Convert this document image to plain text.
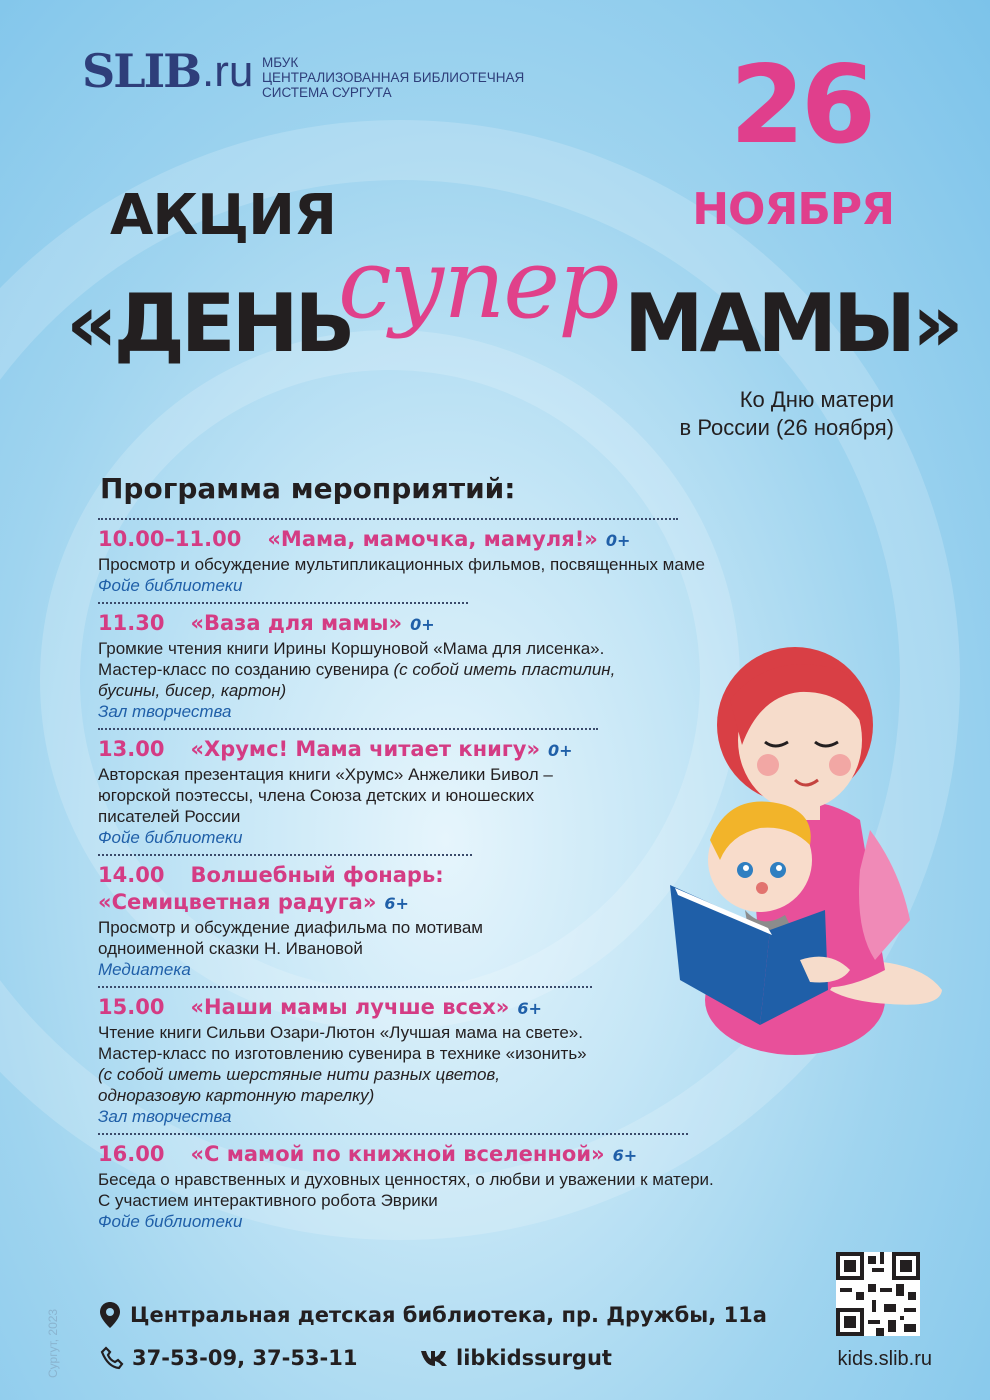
SLIB .ru МБУК
ЦЕНТРАЛИЗОВАННАЯ БИБЛИОТЕЧНАЯ
СИСТЕМА СУРГУТА	26
НОЯБРЯ
АКЦИЯ
«ДЕНЬ
супер МАМЫ»
Ко Дню матери
в России (26 ноября)
Программа мероприятий:
10.00–11.00 «Мама, мамочка, мамуля!» 0+
Просмотр и обсуждение мультипликационных фильмов, посвященных маме
Фойе библиотеки
11.30 «Ваза для мамы» 0+
Громкие чтения книги Ирины Коршуновой «Мама для лисенка».
Мастер-класс по созданию сувенира (с собой иметь пластилин,
бусины, бисер, картон)
Зал творчества
13.00 «Хрумс! Мама читает книгу» 0+
Авторская презентация книги «Хрумс» Анжелики Бивол –
югорской поэтессы, члена Союза детских и юношеских
писателей России
Фойе библиотеки
14.00 Волшебный фонарь:
«Семицветная радуга» 6+
Просмотр и обсуждение диафильма по мотивам
одноименной сказки Н. Ивановой
Медиатека
15.00 «Наши мамы лучше всех» 6+
Чтение книги Сильви Озари-Лютон «Лучшая мама на свете».
Мастер-класс по изготовлению сувенира в технике «изонить»
(с собой иметь шерстяные нити разных цветов,
одноразовую картонную тарелку)
Зал творчества
16.00 «С мамой по книжной вселенной» 6+
Беседа о нравственных и духовных ценностях, о любви и уважении к матери.
С участием интерактивного робота Эврики
Фойе библиотеки
Центральная детская библиотека, пр. Дружбы, 11а
37-53-09, 37-53-11	libkidssurgut	kids.slib.ru
Сургут, 2023
